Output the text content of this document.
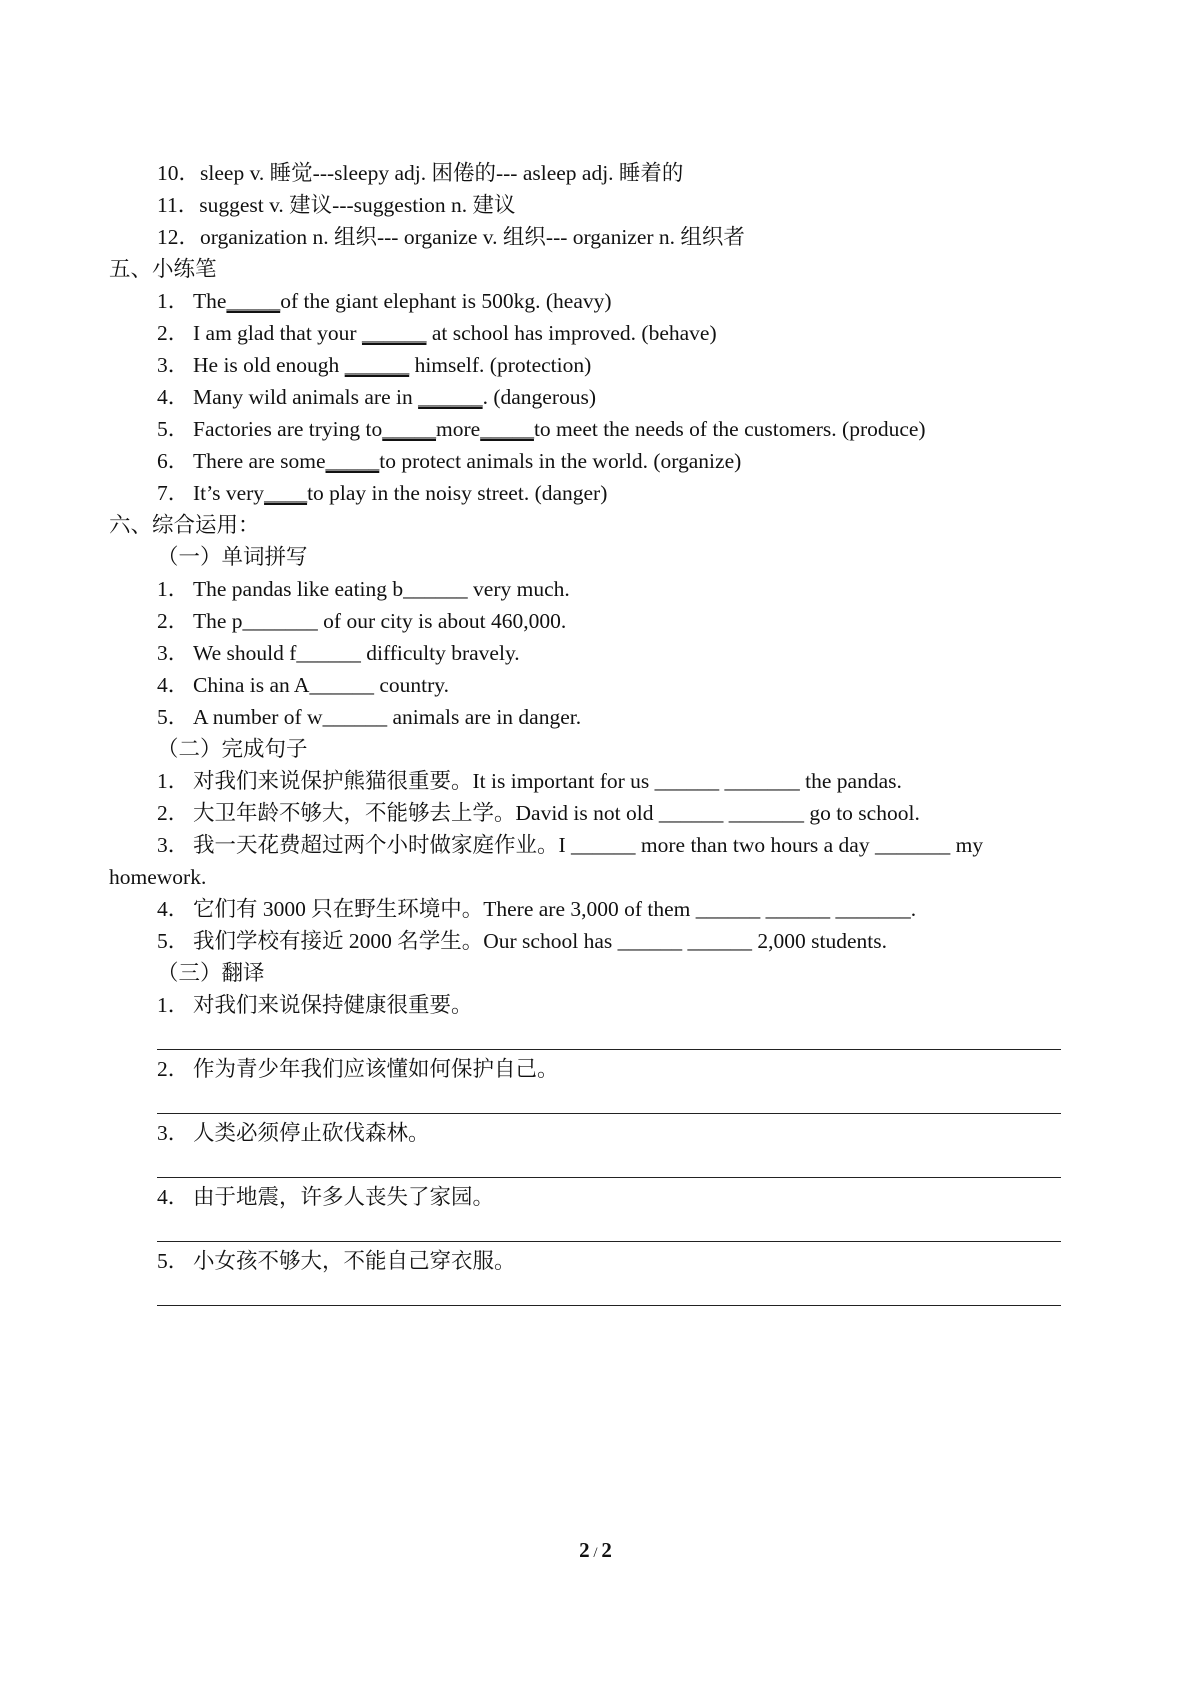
10．sleep v. 睡觉---sleepy adj. 困倦的--- asleep adj. 睡着的
11．suggest v. 建议---suggestion n. 建议
12．organization n. 组织--- organize v. 组织--- organizer n. 组织者
五、小练笔
1． The_____of the giant elephant is 500kg. (heavy)
2． I am glad that your ______ at school has improved. (behave)
3． He is old enough ______ himself. (protection)
4． Many wild animals are in ______. (dangerous)
5． Factories are trying to_____more_____to meet the needs of the customers. (produce)
6． There are some_____to protect animals in the world. (organize)
7． It’s very____to play in the noisy street. (danger)
六、综合运用：
（一）单词拼写
1． The pandas like eating b______ very much.
2． The p_______ of our city is about 460,000.
3． We should f______ difficulty bravely.
4． China is an A______ country.
5． A number of w______ animals are in danger.
（二）完成句子
1． 对我们来说保护熊猫很重要。It is important for us ______ _______ the pandas.
2． 大卫年龄不够大，不能够去上学。David is not old ______ _______ go to school.
3． 我一天花费超过两个小时做家庭作业。I ______ more than two hours a day _______ my
homework.
4． 它们有 3000 只在野生环境中。There are 3,000 of them ______ ______ _______.
5． 我们学校有接近 2000 名学生。Our school has ______ ______ 2,000 students.
（三）翻译
1． 对我们来说保持健康很重要。
2． 作为青少年我们应该懂如何保护自己。
3． 人类必须停止砍伐森林。
4． 由于地震，许多人丧失了家园。
5． 小女孩不够大，不能自己穿衣服。
2 / 2
